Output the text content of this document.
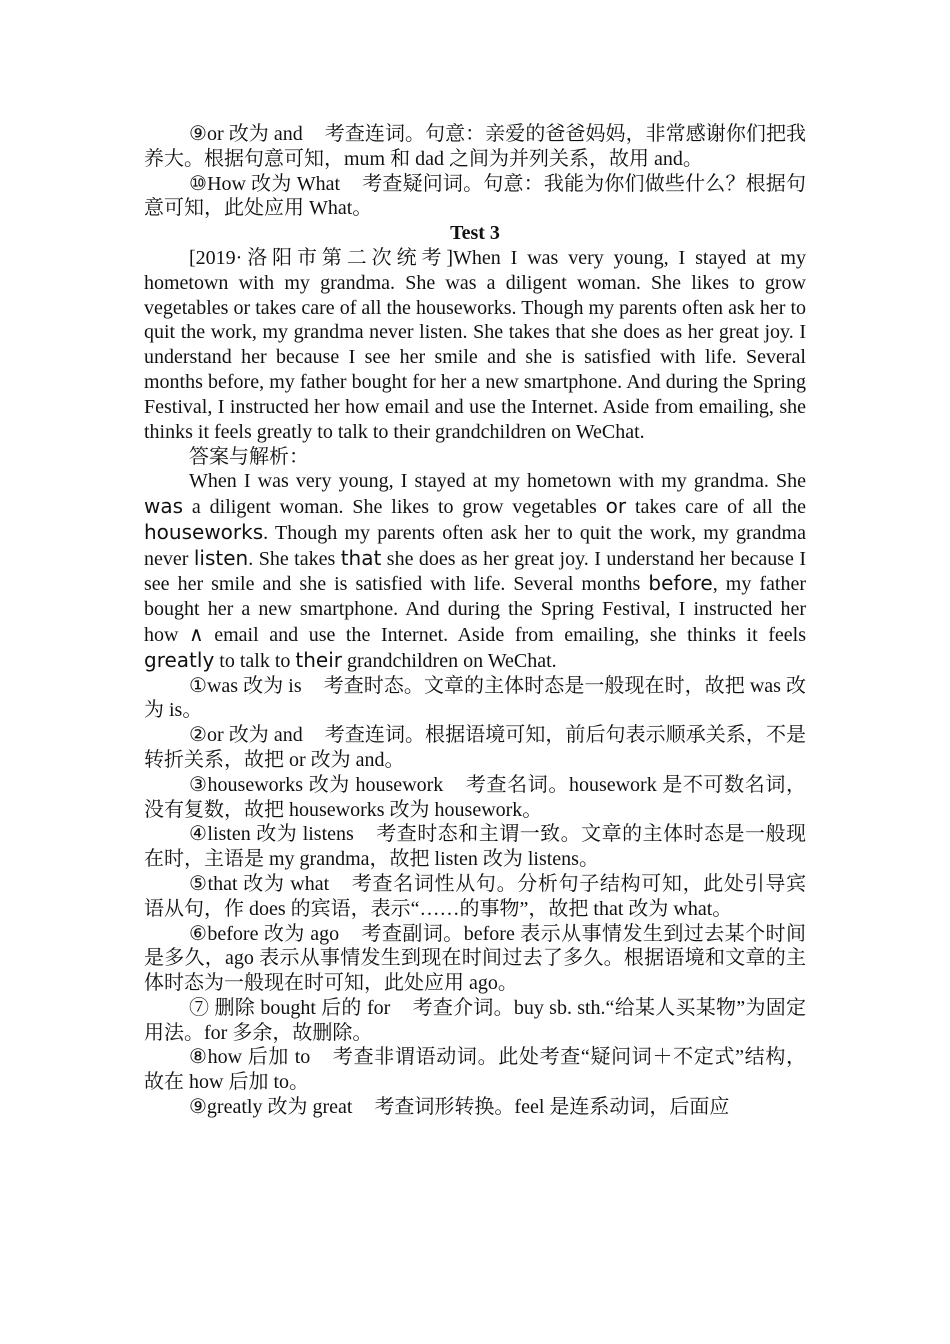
⑨or 改为 and 考查连词。句意：亲爱的爸爸妈妈，非常感谢你们把我养大。根据句意可知，mum 和 dad 之间为并列关系，故用 and。

⑩How 改为 What 考查疑问词。句意：我能为你们做些什么？根据句意可知，此处应用 What。

Test 3

[2019·洛阳市第二次统考]When I was very young, I stayed at my hometown with my grandma. She was a diligent woman. She likes to grow vegetables or takes care of all the houseworks. Though my parents often ask her to quit the work, my grandma never listen. She takes that she does as her great joy. I understand her because I see her smile and she is satisfied with life. Several months before, my father bought for her a new smartphone. And during the Spring Festival, I instructed her how email and use the Internet. Aside from emailing, she thinks it feels greatly to talk to their grandchildren on WeChat.

答案与解析：

When I was very young, I stayed at my hometown with my grandma. She was a diligent woman. She likes to grow vegetables or takes care of all the houseworks. Though my parents often ask her to quit the work, my grandma never listen. She takes that she does as her great joy. I understand her because I see her smile and she is satisfied with life. Several months before, my father bought her a new smartphone. And during the Spring Festival, I instructed her how ∧ email and use the Internet. Aside from emailing, she thinks it feels greatly to talk to their grandchildren on WeChat.

①was 改为 is 考查时态。文章的主体时态是一般现在时，故把 was 改为 is。

②or 改为 and 考查连词。根据语境可知，前后句表示顺承关系，不是转折关系，故把 or 改为 and。

③houseworks 改为 housework 考查名词。housework 是不可数名词，没有复数，故把 houseworks 改为 housework。

④listen 改为 listens 考查时态和主谓一致。文章的主体时态是一般现在时，主语是 my grandma，故把 listen 改为 listens。

⑤that 改为 what 考查名词性从句。分析句子结构可知，此处引导宾语从句，作 does 的宾语，表示“……的事物”，故把 that 改为 what。

⑥before 改为 ago 考查副词。before 表示从事情发生到过去某个时间是多久，ago 表示从事情发生到现在时间过去了多久。根据语境和文章的主体时态为一般现在时可知，此处应用 ago。

⑦ 删除 bought 后的 for 考查介词。buy sb. sth.“给某人买某物”为固定用法。for 多余，故删除。

⑧how 后加 to 考查非谓语动词。此处考查“疑问词＋不定式”结构，故在 how 后加 to。

⑨greatly 改为 great 考查词形转换。feel 是连系动词，后面应
